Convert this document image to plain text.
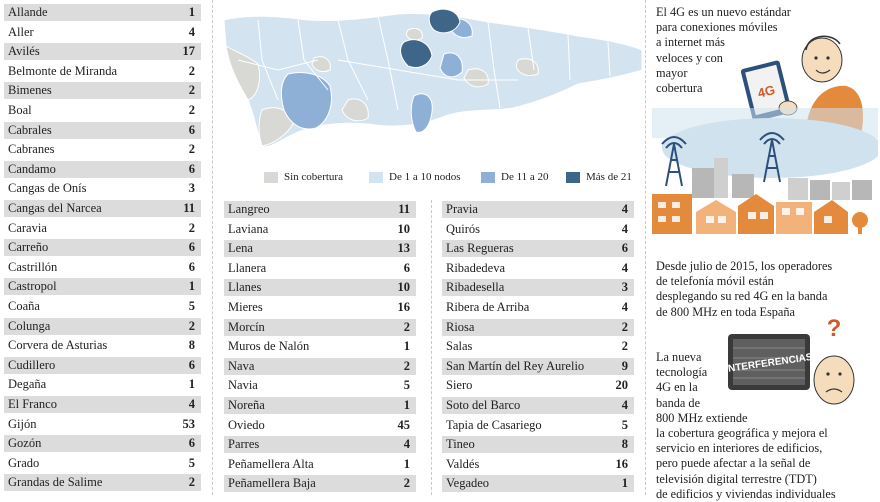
Allande	1
Aller	4
Avilés	17
Belmonte de Miranda	2
Bimenes	2
Boal	2
Cabrales	6
Cabranes	2
Candamo	6
Cangas de Onís	3
Cangas del Narcea	11
Caravia	2
Carreño	6
Castrillón	6
Castropol	1
Coaña	5
Colunga	2
Corvera de Asturias	8
Cudillero	6
Degaña	1
El Franco	4
Gijón	53
Gozón	6
Grado	5
Grandas de Salime	2
Sin cobertura	De 1 a 10 nodos	De 11 a 20	Más de 21
Langreo	11
Laviana	10
Lena	13
Llanera	6
Llanes	10
Mieres	16
Morcín	2
Muros de Nalón	1
Nava	2
Navia	5
Noreña	1
Oviedo	45
Parres	4
Peñamellera Alta	1
Peñamellera Baja	2
Pravia	4
Quirós	4
Las Regueras	6
Ribadedeva	4
Ribadesella	3
Ribera de Arriba	4
Riosa	2
Salas	2
San Martín del Rey Aurelio	9
Siero	20
Soto del Barco	4
Tapia de Casariego	5
Tineo	8
Valdés	16
Vegadeo	1
El 4G es un nuevo estándar
para conexiones móviles
a internet más
veloces y con
mayor
cobertura	4G
Desde julio de 2015, los operadores
de telefonía móvil están
desplegando su red 4G en la banda
de 800 MHz en toda España
INTERFERENCIAS
?
La nueva
tecnología
4G en la
banda de
800 MHz extiende
la cobertura geográfica y mejora el
servicio en interiores de edificios,
pero puede afectar a la señal de
televisión digital terrestre (TDT)
de edificios y viviendas individuales
